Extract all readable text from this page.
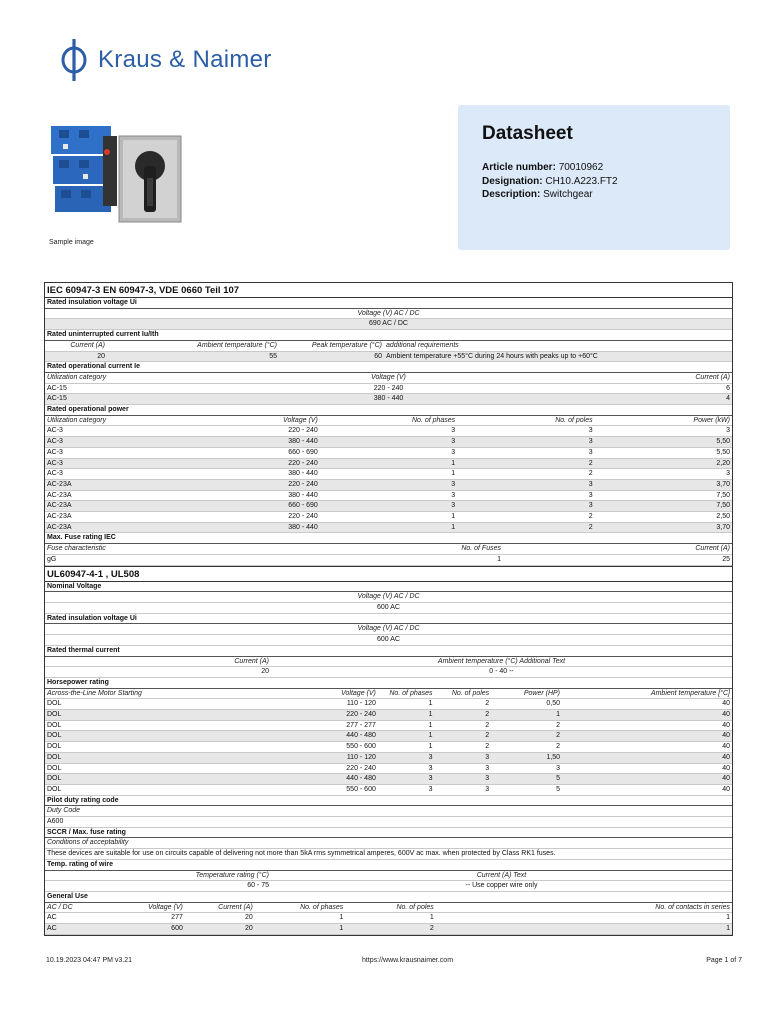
Kraus & Naimer
Sample image
Datasheet
Article number: 70010962
Designation: CH10.A223.FT2
Description: Switchgear
IEC 60947-3 EN 60947-3, VDE 0660 Teil 107
Rated insulation voltage Ui
Voltage (V) AC / DC
690 AC / DC
Rated uninterrupted current Iu/Ith
Current (A)	Ambient temperature (°C)	Peak temperature (°C) additional requirements
20	55	60 Ambient temperature +55°C during 24 hours with peaks up to +60°C
Rated operational current Ie
Utilization category	Voltage (V)	Current (A)
AC-15	220 - 240	6
AC-15	380 - 440	4
Rated operational power
Utilization category	Voltage (V)	No. of phases	No. of poles	Power (kW)
AC-3	220 - 240	3	3	3
AC-3	380 - 440	3	3	5,50
AC-3	660 - 690	3	3	5,50
AC-3	220 - 240	1	2	2,20
AC-3	380 - 440	1	2	3
AC-23A	220 - 240	3	3	3,70
AC-23A	380 - 440	3	3	7,50
AC-23A	660 - 690	3	3	7,50
AC-23A	220 - 240	1	2	2,50
AC-23A	380 - 440	1	2	3,70
Max. Fuse rating IEC
Fuse characteristic	No. of Fuses	Current (A)
gG	1	25
UL60947-4-1 , UL508
Nominal Voltage
Voltage (V) AC / DC
600 AC
Rated insulation voltage Ui
Voltage (V) AC / DC
600 AC
Rated thermal current
Current (A)	Ambient temperature (°C) Additional Text
20	0 - 40 --
Horsepower rating
Across-the-Line Motor Starting	Voltage (V)	No. of phases	No. of poles	Power (HP)	Ambient temperature [°C]
DOL	110 - 120	1	2	0,50	40
DOL	220 - 240	1	2	1	40
DOL	277 - 277	1	2	2	40
DOL	440 - 480	1	2	2	40
DOL	550 - 600	1	2	2	40
DOL	110 - 120	3	3	1,50	40
DOL	220 - 240	3	3	3	40
DOL	440 - 480	3	3	5	40
DOL	550 - 600	3	3	5	40
Pilot duty rating code
Duty Code
A600
SCCR / Max. fuse rating
Conditions of acceptability
These devices are suitable for use on circuits capable of delivering not more than 5kA rms symmetrical amperes, 600V ac max. when protected by Class RK1 fuses.
Temp. rating of wire
Temperature rating (°C)	Current (A) Text
60 - 75	-- Use copper wire only
General Use
AC / DC	Voltage (V)	Current (A)	No. of phases	No. of poles	No. of contacts in series
AC	277	20	1	1	1
AC	600	20	1	2	1
10.19.2023 04:47 PM v3.21	https://www.krausnaimer.com	Page 1 of 7
